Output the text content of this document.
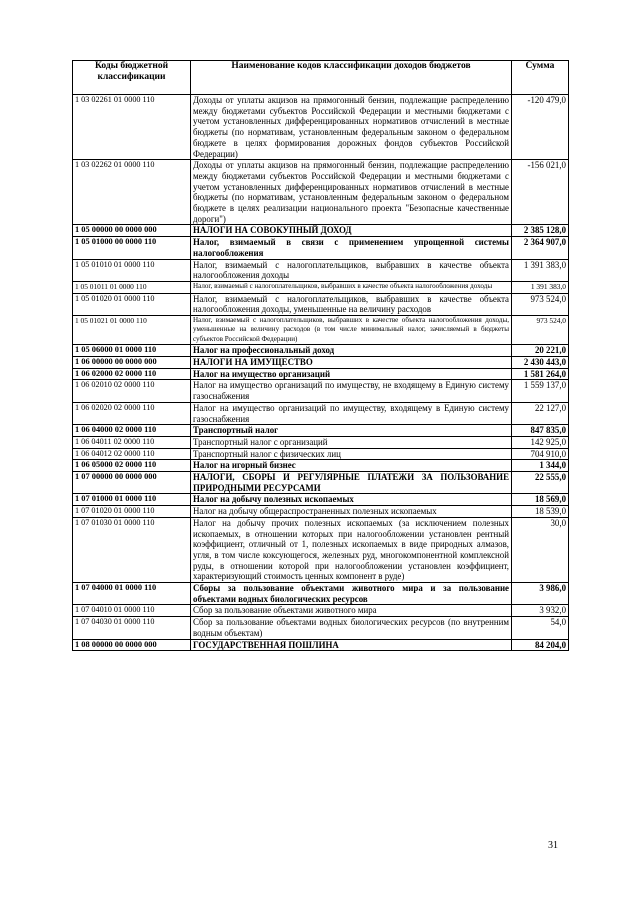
Коды бюджетной классификации	Наименование кодов классификации доходов бюджетов	Сумма
1 03 02261 01 0000 110	Доходы от уплаты акцизов на прямогонный бензин, подлежащие распределению между бюджетами субъектов Российской Федерации и местными бюджетами с учетом установленных дифференцированных нормативов отчислений в местные бюджеты (по нормативам, установленным федеральным законом о федеральном бюджете в целях формирования дорожных фондов субъектов Российской Федерации)	-120 479,0
1 03 02262 01 0000 110	Доходы от уплаты акцизов на прямогонный бензин, подлежащие распределению между бюджетами субъектов Российской Федерации и местными бюджетами с учетом установленных дифференцированных нормативов отчислений в местные бюджеты (по нормативам, установленным федеральным законом о федеральном бюджете в целях реализации национального проекта "Безопасные качественные дороги")	-156 021,0
1 05 00000 00 0000 000	НАЛОГИ НА СОВОКУПНЫЙ ДОХОД	2 385 128,0
1 05 01000 00 0000 110	Налог, взимаемый в связи с применением упрощенной системы налогообложения	2 364 907,0
1 05 01010 01 0000 110	Налог, взимаемый с налогоплательщиков, выбравших в качестве объекта налогообложения доходы	1 391 383,0
1 05 01011 01 0000 110	Налог, взимаемый с налогоплательщиков, выбравших в качестве объекта налогообложения доходы	1 391 383,0
1 05 01020 01 0000 110	Налог, взимаемый с налогоплательщиков, выбравших в качестве объекта налогообложения доходы, уменьшенные на величину расходов	973 524,0
1 05 01021 01 0000 110	Налог, взимаемый с налогоплательщиков, выбравших в качестве объекта налогообложения доходы, уменьшенные на величину расходов (в том числе минимальный налог, зачисляемый в бюджеты субъектов Российской Федерации)	973 524,0
1 05 06000 01 0000 110	Налог на профессиональный доход	20 221,0
1 06 00000 00 0000 000	НАЛОГИ НА ИМУЩЕСТВО	2 430 443,0
1 06 02000 02 0000 110	Налог на имущество организаций	1 581 264,0
1 06 02010 02 0000 110	Налог на имущество организаций по имуществу, не входящему в Единую систему газоснабжения	1 559 137,0
1 06 02020 02 0000 110	Налог на имущество организаций по имуществу, входящему в Единую систему газоснабжения	22 127,0
1 06 04000 02 0000 110	Транспортный налог	847 835,0
1 06 04011 02 0000 110	Транспортный налог с организаций	142 925,0
1 06 04012 02 0000 110	Транспортный налог с физических лиц	704 910,0
1 06 05000 02 0000 110	Налог на игорный бизнес	1 344,0
1 07 00000 00 0000 000	НАЛОГИ, СБОРЫ И РЕГУЛЯРНЫЕ ПЛАТЕЖИ ЗА ПОЛЬЗОВАНИЕ ПРИРОДНЫМИ РЕСУРСАМИ	22 555,0
1 07 01000 01 0000 110	Налог на добычу полезных ископаемых	18 569,0
1 07 01020 01 0000 110	Налог на добычу общераспространенных полезных ископаемых	18 539,0
1 07 01030 01 0000 110	Налог на добычу прочих полезных ископаемых (за исключением полезных ископаемых, в отношении которых при налогообложении установлен рентный коэффициент, отличный от 1, полезных ископаемых в виде природных алмазов, угля, в том числе коксующегося, железных руд, многокомпонентной комплексной руды, в отношении которой при налогообложении установлен коэффициент, характеризующий стоимость ценных компонент в руде)	30,0
1 07 04000 01 0000 110	Сборы за пользование объектами животного мира и за пользование объектами водных биологических ресурсов	3 986,0
1 07 04010 01 0000 110	Сбор за пользование объектами животного мира	3 932,0
1 07 04030 01 0000 110	Сбор за пользование объектами водных биологических ресурсов (по внутренним водным объектам)	54,0
1 08 00000 00 0000 000	ГОСУДАРСТВЕННАЯ ПОШЛИНА	84 204,0
31
